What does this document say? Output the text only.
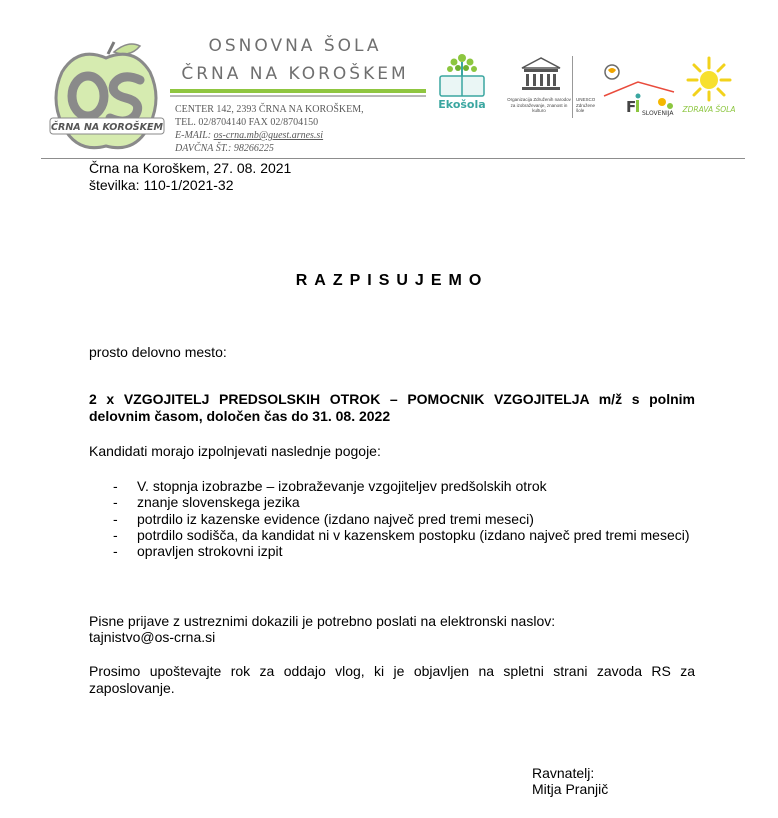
ČRNA NA KOROŠKEM
OSNOVNA ŠOLA
ČRNA NA KOROŠKEM
CENTER 142, 2393 ČRNA NA KOROŠKEM,
TEL. 02/8704140 FAX 02/8704150
E-MAIL: os-crna.mb@guest.arnes.si
DAVČNA ŠT.: 98266225
Ekošola	Organizacija Združenih narodov za izobraževanje, znanost in kulturo
UNESCO Združene šole	F SLOVENIJA ZDRAVA ŠOLA
Črna na Koroškem, 27. 08. 2021
številka: 110-1/2021-32
RAZPISUJEMO
prosto delovno mesto:
2 x VZGOJITELJ PREDSOLSKIH OTROK – POMOCNIK VZGOJITELJA m/ž s polnim delovnim časom, določen čas do 31. 08. 2022
Kandidati morajo izpolnjevati naslednje pogoje:
- V. stopnja izobrazbe – izobraževanje vzgojiteljev predšolskih otrok
- znanje slovenskega jezika
- potrdilo iz kazenske evidence (izdano največ pred tremi meseci)
- potrdilo sodišča, da kandidat ni v kazenskem postopku (izdano največ pred tremi meseci)
- opravljen strokovni izpit
Pisne prijave z ustreznimi dokazili je potrebno poslati na elektronski naslov:
tajnistvo@os-crna.si
Prosimo upoštevajte rok za oddajo vlog, ki je objavljen na spletni strani zavoda RS za zaposlovanje.
Ravnatelj:
Mitja Pranjič
